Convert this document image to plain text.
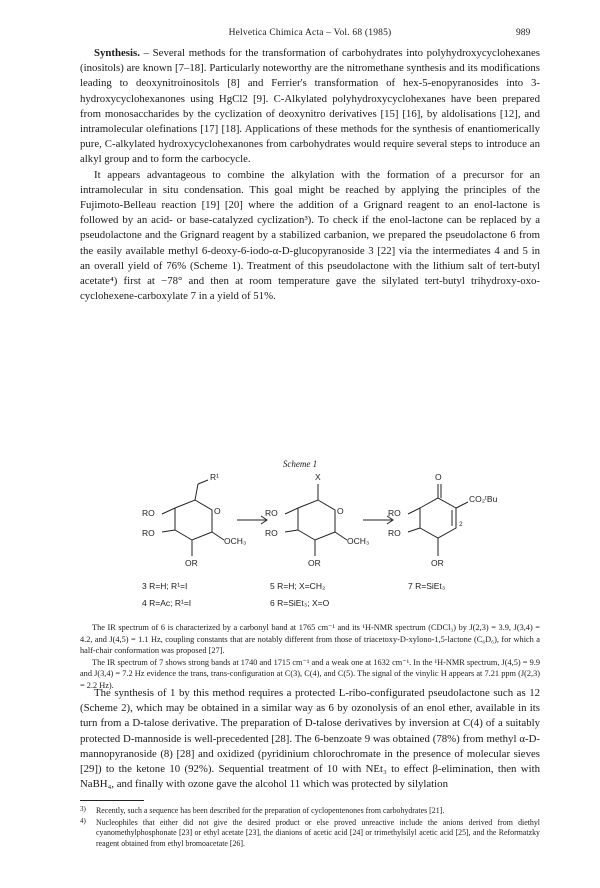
Helvetica Chimica Acta – Vol. 68 (1985)	989

Synthesis. – Several methods for the transformation of carbohydrates into polyhydroxycyclohexanes (inositols) are known [7–18]. Particularly noteworthy are the nitromethane synthesis and its modifications leading to deoxynitroinositols [8] and Ferrier's transformation of hex-5-enopyranosides into 3-hydroxycyclohexanones using HgCl2 [9]. C-Alkylated polyhydroxycyclohexanes have been prepared from monosaccharides by the cyclization of deoxynitro derivatives [15] [16], by aldolisations [12], and intramolecular olefinations [17] [18]. Applications of these methods for the synthesis of enantiomerically pure, C-alkylated hydroxycyclohexanones from carbohydrates would require several steps to introduce an alkyl group and to form the carbocycle.

It appears advantageous to combine the alkylation with the formation of a precursor for an intramolecular in situ condensation. This goal might be reached by applying the principles of the Fujimoto-Belleau reaction [19] [20] where the addition of a Grignard reagent to an enol-lactone is followed by an acid- or base-catalyzed cyclization³). To check if the enol-lactone can be replaced by a pseudolactone and the Grignard reagent by a stabilized carbanion, we prepared the pseudolactone 6 from the easily available methyl 6-deoxy-6-iodo-α-D-glucopyranoside 3 [22] via the intermediates 4 and 5 in an overall yield of 76% (Scheme 1). Treatment of this pseudolactone with the lithium salt of tert-butyl acetate⁴) first at −78° and then at room temperature gave the silylated tert-butyl trihydroxy-oxo-cyclohexene-carboxylate 7 in a yield of 51%.

Scheme 1
R¹
RO
RO
O
OCH₃
OR
X
RO
RO
O
OCH₃
OR
O
CO₂ᵗBu
RO
RO
2
OR
3 R=H; R¹=I
4 R=Ac; R¹=I
5 R=H; X=CH₂
6 R=SiEt₃; X=O
7 R=SiEt₃

The IR spectrum of 6 is characterized by a carbonyl band at 1765 cm⁻¹ and its ¹H-NMR spectrum (CDCl₃) by J(2,3) = 3.9, J(3,4) = 4.2, and J(4,5) = 1.1 Hz, coupling constants that are notably different from those of triacetoxy-D-xylono-1,5-lactone (C₆D₆), for which a half-chair conformation was proposed [27].

The IR spectrum of 7 shows strong bands at 1740 and 1715 cm⁻¹ and a weak one at 1632 cm⁻¹. In the ¹H-NMR spectrum, J(4,5) = 9.9 and J(3,4) = 7.2 Hz evidence the trans, trans-configuration at C(3), C(4), and C(5). The signal of the vinylic H appears at 7.21 ppm (J(2,3) = 2.2 Hz).

The synthesis of 1 by this method requires a protected L-ribo-configurated pseudolactone such as 12 (Scheme 2), which may be obtained in a similar way as 6 by ozonolysis of an enol ether, available in its turn from a D-talose derivative. The preparation of D-talose derivatives by inversion at C(4) of a suitably protected D-mannoside is well-precedented [28]. The 6-benzoate 9 was obtained (78%) from methyl α-D-mannopyranoside (8) [28] and oxidized (pyridinium chlorochromate in the presence of molecular sieves [29]) to the ketone 10 (92%). Sequential treatment of 10 with NEt₃ to effect β-elimination, then with NaBH₄, and finally with ozone gave the alcohol 11 which was protected by silylation

3) Recently, such a sequence has been described for the preparation of cyclopentenones from carbohydrates [21].

4) Nucleophiles that either did not give the desired product or else proved unreactive include the anions derived from diethyl cyanomethylphosphonate [23] or ethyl acetate [23], the dianions of acetic acid [24] or trimethylsilyl acetic acid [25], and the Reformatzky reagent obtained from ethyl bromoacetate [26].
